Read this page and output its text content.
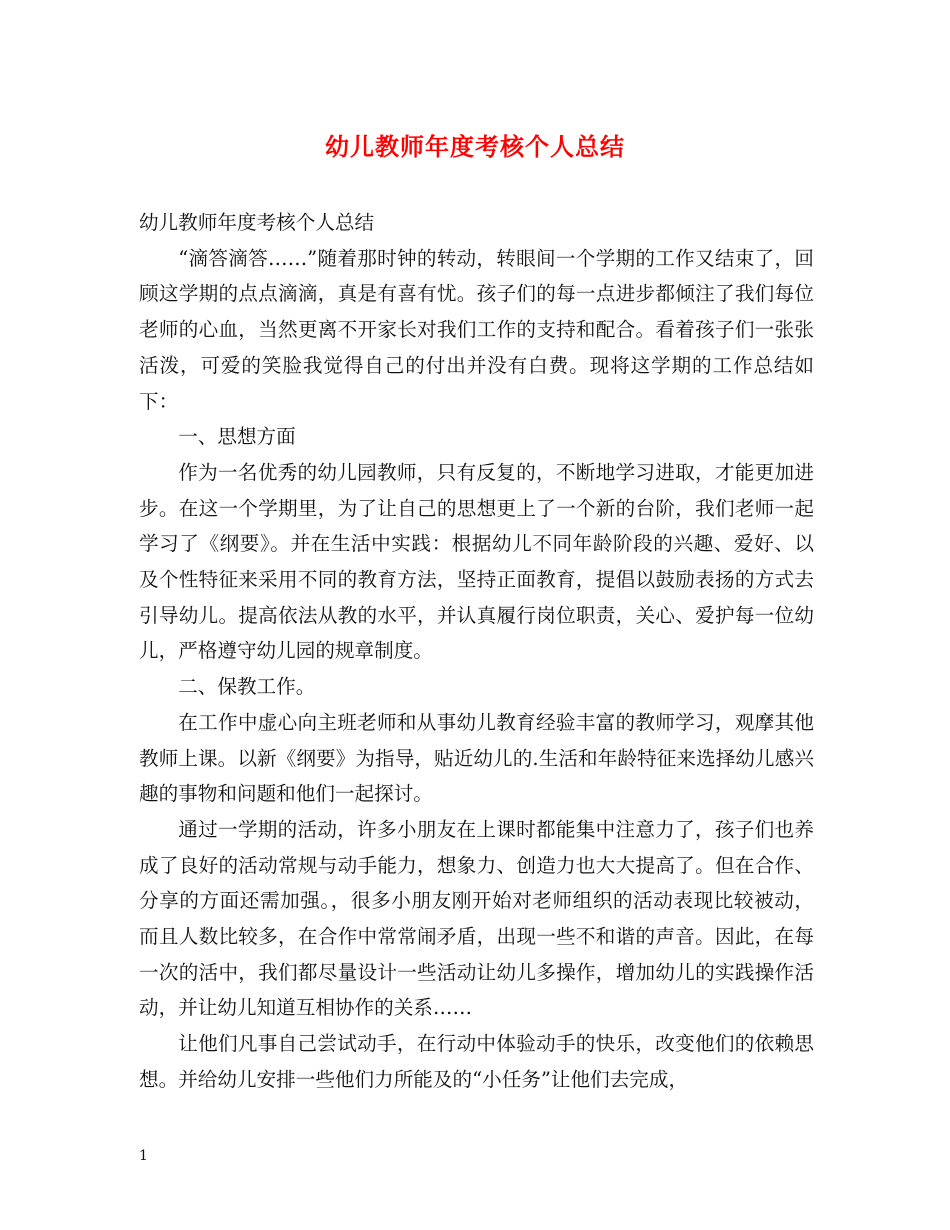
幼儿教师年度考核个人总结

幼儿教师年度考核个人总结

“滴答滴答……”随着那时钟的转动，转眼间一个学期的工作又结束了，回顾这学期的点点滴滴，真是有喜有忧。孩子们的每一点进步都倾注了我们每位老师的心血，当然更离不开家长对我们工作的支持和配合。看着孩子们一张张活泼，可爱的笑脸我觉得自己的付出并没有白费。现将这学期的工作总结如下：

一、思想方面

作为一名优秀的幼儿园教师，只有反复的，不断地学习进取，才能更加进步。在这一个学期里，为了让自己的思想更上了一个新的台阶，我们老师一起学习了《纲要》。并在生活中实践：根据幼儿不同年龄阶段的兴趣、爱好、以及个性特征来采用不同的教育方法，坚持正面教育，提倡以鼓励表扬的方式去引导幼儿。提高依法从教的水平，并认真履行岗位职责，关心、爱护每一位幼儿，严格遵守幼儿园的规章制度。

二、保教工作。

在工作中虚心向主班老师和从事幼儿教育经验丰富的教师学习，观摩其他教师上课。以新《纲要》为指导，贴近幼儿的.生活和年龄特征来选择幼儿感兴趣的事物和问题和他们一起探讨。

通过一学期的活动，许多小朋友在上课时都能集中注意力了，孩子们也养成了良好的活动常规与动手能力，想象力、创造力也大大提高了。但在合作、分享的方面还需加强。，很多小朋友刚开始对老师组织的活动表现比较被动，而且人数比较多，在合作中常常闹矛盾，出现一些不和谐的声音。因此，在每一次的活中，我们都尽量设计一些活动让幼儿多操作，增加幼儿的实践操作活动，并让幼儿知道互相协作的关系……

让他们凡事自己尝试动手，在行动中体验动手的快乐，改变他们的依赖思想。并给幼儿安排一些他们力所能及的“小任务”让他们去完成，

1
